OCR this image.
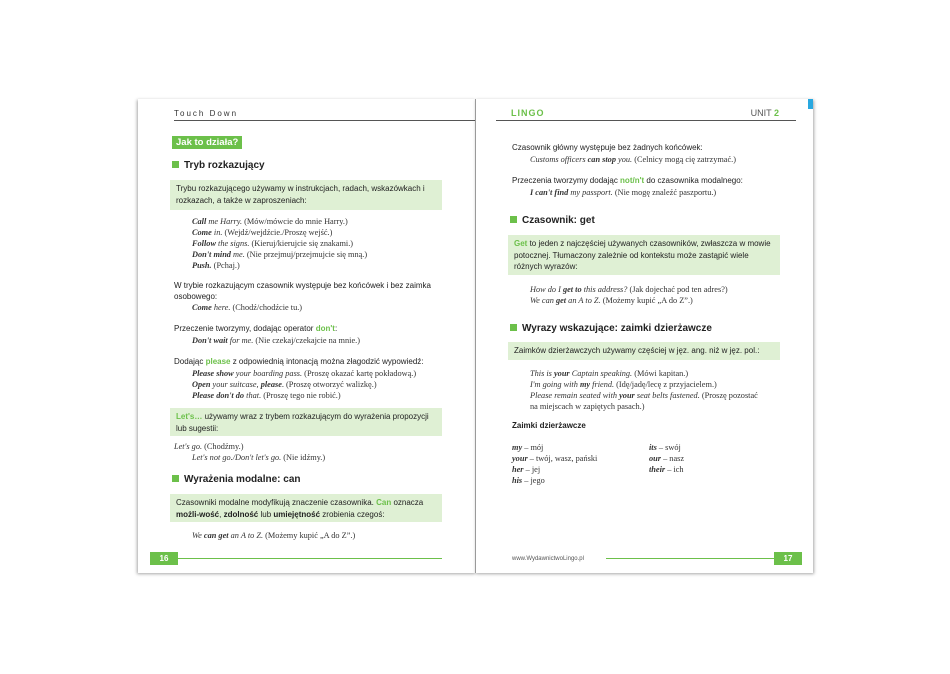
Touch Down
Jak to działa?
Tryb rozkazujący
Trybu rozkazującego używamy w instrukcjach, radach, wskazówkach i rozkazach, a także w zaproszeniach:
Call me Harry. (Mów/mówcie do mnie Harry.)
Come in. (Wejdź/wejdźcie./Proszę wejść.)
Follow the signs. (Kieruj/kierujcie się znakami.)
Don't mind me. (Nie przejmuj/przejmujcie się mną.)
Push. (Pchaj.)
W trybie rozkazującym czasownik występuje bez końcówek i bez zaimka osobowego:
Come here. (Chodź/chodźcie tu.)
Przeczenie tworzymy, dodając operator don't:
Don't wait for me. (Nie czekaj/czekajcie na mnie.)
Dodając please z odpowiednią intonacją można złagodzić wypowiedź:
Please show your boarding pass. (Proszę okazać kartę pokładową.)
Open your suitcase, please. (Proszę otworzyć walizkę.)
Please don't do that. (Proszę tego nie robić.)
Let's… używamy wraz z trybem rozkazującym do wyrażenia propozycji lub sugestii:
Let's go. (Chodźmy.)
Let's not go./Don't let's go. (Nie idźmy.)
Wyrażenia modalne: can
Czasowniki modalne modyfikują znaczenie czasownika. Can oznacza możli-wość, zdolność lub umiejętność zrobienia czegoś:
We can get an A to Z. (Możemy kupić „A do Z”.)
16
LINGO	UNIT 2
Czasownik główny występuje bez żadnych końcówek:
Customs officers can stop you. (Celnicy mogą cię zatrzymać.)
Przeczenia tworzymy dodając not/n't do czasownika modalnego:
I can't find my passport. (Nie mogę znaleźć paszportu.)
Czasownik: get
Get to jeden z najczęściej używanych czasowników, zwłaszcza w mowie potocznej. Tłumaczony zależnie od kontekstu może zastąpić wiele różnych wyrazów:
How do I get to this address? (Jak dojechać pod ten adres?)
We can get an A to Z. (Możemy kupić „A do Z”.)
Wyrazy wskazujące: zaimki dzierżawcze
Zaimków dzierżawczych używamy częściej w jęz. ang. niż w jęz. pol.:
This is your Captain speaking. (Mówi kapitan.)
I'm going with my friend. (Idę/jadę/lecę z przyjacielem.)
Please remain seated with your seat belts fastened. (Proszę pozostać na miejscach w zapiętych pasach.)
Zaimki dzierżawcze
my – mój
your – twój, wasz, pański
her – jej
his – jego
its – swój
our – nasz
their – ich
www.WydawnictwoLingo.pl	17
